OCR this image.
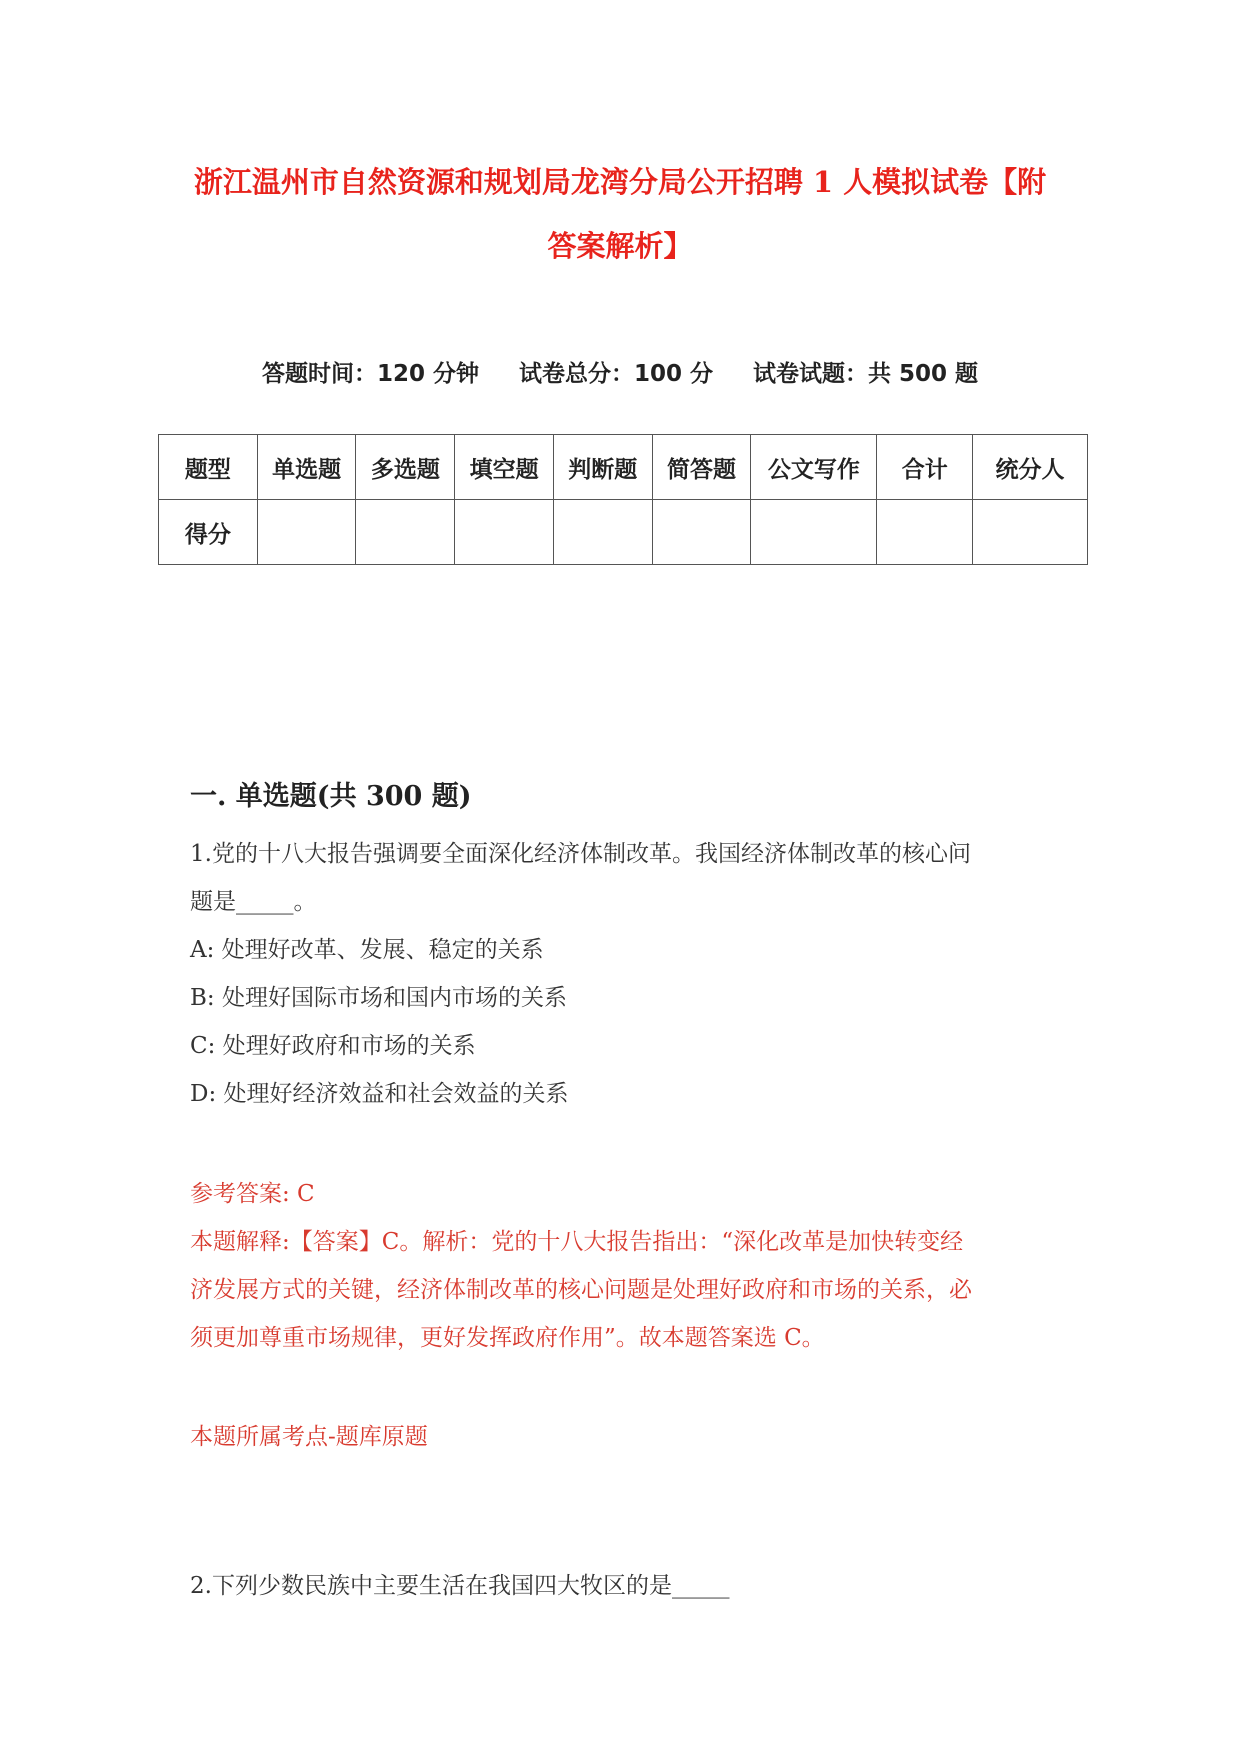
浙江温州市自然资源和规划局龙湾分局公开招聘 1 人模拟试卷【附
答案解析】
答题时间：120 分钟 试卷总分：100 分 试卷试题：共 500 题
题型	单选题	多选题	填空题	判断题	简答题	公文写作	合计	统分人
得分								
一. 单选题(共 300 题)
1.党的十八大报告强调要全面深化经济体制改革。我国经济体制改革的核心问
题是_____。
A: 处理好改革、发展、稳定的关系
B: 处理好国际市场和国内市场的关系
C: 处理好政府和市场的关系
D: 处理好经济效益和社会效益的关系
参考答案: C
本题解释:【答案】C。解析：党的十八大报告指出：“深化改革是加快转变经
济发展方式的关键，经济体制改革的核心问题是处理好政府和市场的关系，必
须更加尊重市场规律，更好发挥政府作用”。故本题答案选 C。
本题所属考点-题库原题
2.下列少数民族中主要生活在我国四大牧区的是_____
